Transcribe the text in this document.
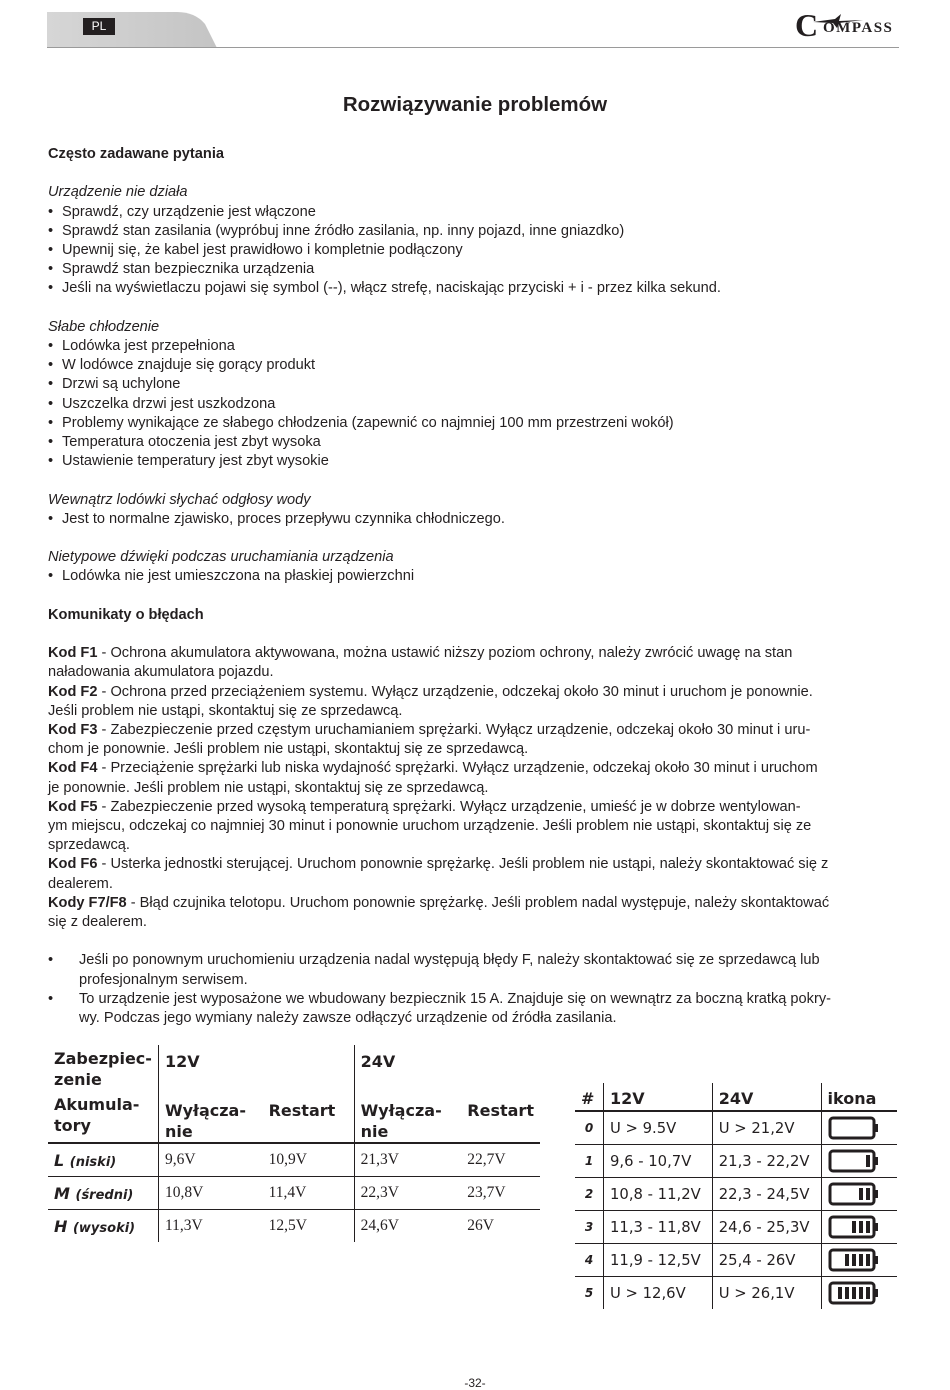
PL	C OMPASS
Rozwiązywanie problemów

Często zadawane pytania

Urządzenie nie działa

• Sprawdź, czy urządzenie jest włączone
• Sprawdź stan zasilania (wypróbuj inne źródło zasilania, np. inny pojazd, inne gniazdko)
• Upewnij się, że kabel jest prawidłowo i kompletnie podłączony
• Sprawdź stan bezpiecznika urządzenia
• Jeśli na wyświetlaczu pojawi się symbol (--), włącz strefę, naciskając przyciski + i - przez kilka sekund.

Słabe chłodzenie

• Lodówka jest przepełniona
• W lodówce znajduje się gorący produkt
• Drzwi są uchylone
• Uszczelka drzwi jest uszkodzona
• Problemy wynikające ze słabego chłodzenia (zapewnić co najmniej 100 mm przestrzeni wokół)
• Temperatura otoczenia jest zbyt wysoka
• Ustawienie temperatury jest zbyt wysokie

Wewnątrz lodówki słychać odgłosy wody

• Jest to normalne zjawisko, proces przepływu czynnika chłodniczego.

Nietypowe dźwięki podczas uruchamiania urządzenia

• Lodówka nie jest umieszczona na płaskiej powierzchni

Komunikaty o błędach

Kod F1 - Ochrona akumulatora aktywowana, można ustawić niższy poziom ochrony, należy zwrócić uwagę na stan

naładowania akumulatora pojazdu.

Kod F2 - Ochrona przed przeciążeniem systemu. Wyłącz urządzenie, odczekaj około 30 minut i uruchom je ponownie.

Jeśli problem nie ustąpi, skontaktuj się ze sprzedawcą.

Kod F3 - Zabezpieczenie przed częstym uruchamianiem sprężarki. Wyłącz urządzenie, odczekaj około 30 minut i uru-

chom je ponownie. Jeśli problem nie ustąpi, skontaktuj się ze sprzedawcą.

Kod F4 - Przeciążenie sprężarki lub niska wydajność sprężarki. Wyłącz urządzenie, odczekaj około 30 minut i uruchom

je ponownie. Jeśli problem nie ustąpi, skontaktuj się ze sprzedawcą.

Kod F5 - Zabezpieczenie przed wysoką temperaturą sprężarki. Wyłącz urządzenie, umieść je w dobrze wentylowan-

ym miejscu, odczekaj co najmniej 30 minut i ponownie uruchom urządzenie. Jeśli problem nie ustąpi, skontaktuj się ze

sprzedawcą.

Kod F6 - Usterka jednostki sterującej. Uruchom ponownie sprężarkę. Jeśli problem nie ustąpi, należy skontaktować się z

dealerem.

Kody F7/F8 - Błąd czujnika telotopu. Uruchom ponownie sprężarkę. Jeśli problem nadal występuje, należy skontaktować

się z dealerem.

• Jeśli po ponownym uruchomieniu urządzenia nadal występują błędy F, należy skontaktować się ze sprzedawcą lub
profesjonalnym serwisem.
• To urządzenie jest wyposażone we wbudowany bezpiecznik 15 A. Znajduje się on wewnątrz za boczną kratką pokry-
wy. Podczas jego wymiany należy zawsze odłączyć urządzenie od źródła zasilania.
Zabezpiec-
zenie	12V		24V	
Akumula-
tory	Wyłącza-
nie	Restart	Wyłącza-
nie	Restart
L (niski)	9,6V	10,9V	21,3V	22,7V
M (średni)	10,8V	11,4V	22,3V	23,7V
H (wysoki)	11,3V	12,5V	24,6V	26V
#	12V	24V	ikona
0	U > 9.5V	U > 21,2V	

1	9,6 - 10,7V	21,3 - 22,2V	

2	10,8 - 11,2V	22,3 - 24,5V	

3	11,3 - 11,8V	24,6 - 25,3V	

4	11,9 - 12,5V	25,4 - 26V	

5	U > 12,6V	U > 26,1V	
-32-
